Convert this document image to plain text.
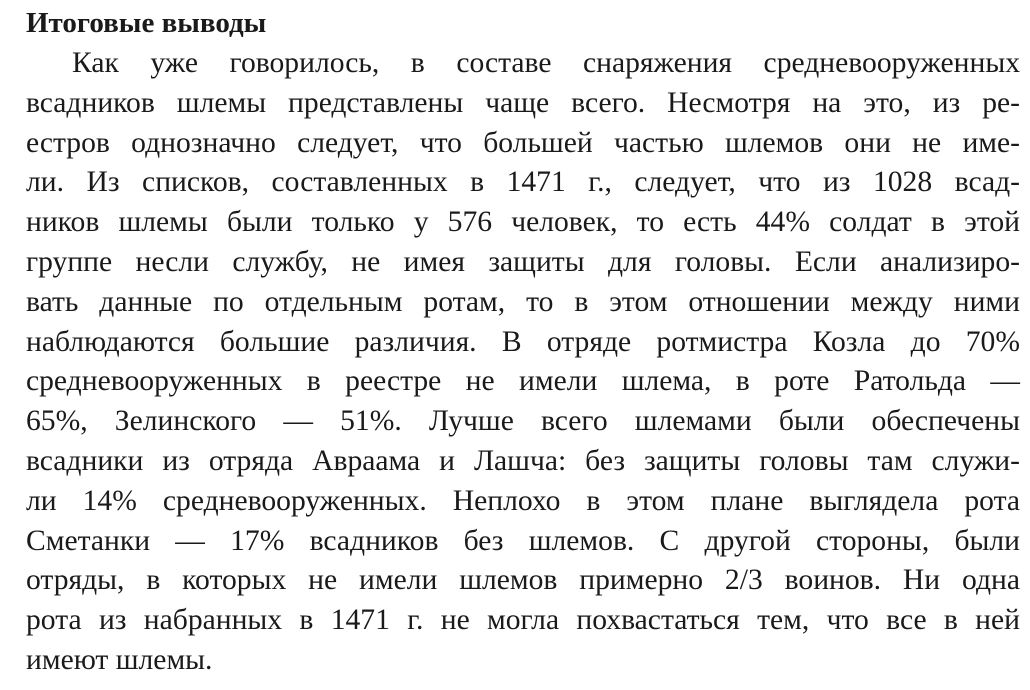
Итоговые выводы
Как уже говорилось, в составе снаряжения средневооруженных
всадников шлемы представлены чаще всего. Несмотря на это, из ре-
естров однозначно следует, что большей частью шлемов они не име-
ли. Из списков, составленных в 1471 г., следует, что из 1028 всад-
ников шлемы были только у 576 человек, то есть 44% солдат в этой
группе несли службу, не имея защиты для головы. Если анализиро-
вать данные по отдельным ротам, то в этом отношении между ними
наблюдаются большие различия. В отряде ротмистра Козла до 70%
средневооруженных в реестре не имели шлема, в роте Ратольда —
65%, Зелинского — 51%. Лучше всего шлемами были обеспечены
всадники из отряда Авраама и Лашча: без защиты головы там служи-
ли 14% средневооруженных. Неплохо в этом плане выглядела рота
Сметанки — 17% всадников без шлемов. С другой стороны, были
отряды, в которых не имели шлемов примерно 2/3 воинов. Ни одна
рота из набранных в 1471 г. не могла похвастаться тем, что все в ней
имеют шлемы.
